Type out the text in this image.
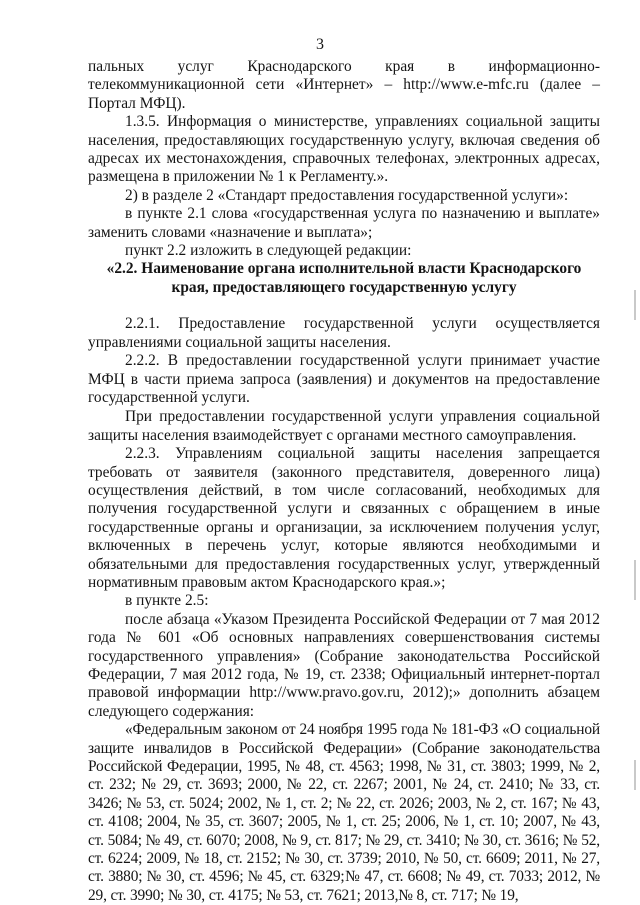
3

пальных услуг Краснодарского края в информационно-телекоммуникационной сети «Интернет» – http://www.e-mfc.ru (далее – Портал МФЦ).

1.3.5. Информация о министерстве, управлениях социальной защиты населения, предоставляющих государственную услугу, включая сведения об адресах их местонахождения, справочных телефонах, электронных адресах, размещена в приложении № 1 к Регламенту.».

2) в разделе 2 «Стандарт предоставления государственной услуги»:

в пункте 2.1 слова «государственная услуга по назначению и выплате» заменить словами «назначение и выплата»;

пункт 2.2 изложить в следующей редакции:

«2.2. Наименование органа исполнительной власти Краснодарского края, предоставляющего государственную услугу

2.2.1. Предоставление государственной услуги осуществляется управлениями социальной защиты населения.

2.2.2. В предоставлении государственной услуги принимает участие МФЦ в части приема запроса (заявления) и документов на предоставление государственной услуги.

При предоставлении государственной услуги управления социальной защиты населения взаимодействует с органами местного самоуправления.

2.2.3. Управлениям социальной защиты населения запрещается требовать от заявителя (законного представителя, доверенного лица) осуществления действий, в том числе согласований, необходимых для получения государственной услуги и связанных с обращением в иные государственные органы и организации, за исключением получения услуг, включенных в перечень услуг, которые являются необходимыми и обязательными для предоставления государственных услуг, утвержденный нормативным правовым актом Краснодарского края.»;

в пункте 2.5:

после абзаца «Указом Президента Российской Федерации от 7 мая 2012 года № 601 «Об основных направлениях совершенствования системы государственного управления» (Собрание законодательства Российской Федерации, 7 мая 2012 года, № 19, ст. 2338; Официальный интернет-портал правовой информации http://www.pravo.gov.ru, 2012);» дополнить абзацем следующего содержания:

«Федеральным законом от 24 ноября 1995 года № 181-ФЗ «О социальной защите инвалидов в Российской Федерации» (Собрание законодательства Российской Федерации, 1995, № 48, ст. 4563; 1998, № 31, ст. 3803; 1999, № 2, ст. 232; № 29, ст. 3693; 2000, № 22, ст. 2267; 2001, № 24, ст. 2410; № 33, ст. 3426; № 53, ст. 5024; 2002, № 1, ст. 2; № 22, ст. 2026; 2003, № 2, ст. 167; № 43, ст. 4108; 2004, № 35, ст. 3607; 2005, № 1, ст. 25; 2006, № 1, ст. 10; 2007, № 43, ст. 5084; № 49, ст. 6070; 2008, № 9, ст. 817; № 29, ст. 3410; № 30, ст. 3616; № 52, ст. 6224; 2009, № 18, ст. 2152; № 30, ст. 3739; 2010, № 50, ст. 6609; 2011, № 27, ст. 3880; № 30, ст. 4596; № 45, ст. 6329;№ 47, ст. 6608; № 49, ст. 7033; 2012, № 29, ст. 3990; № 30, ст. 4175; № 53, ст. 7621; 2013,№ 8, ст. 717; № 19,
